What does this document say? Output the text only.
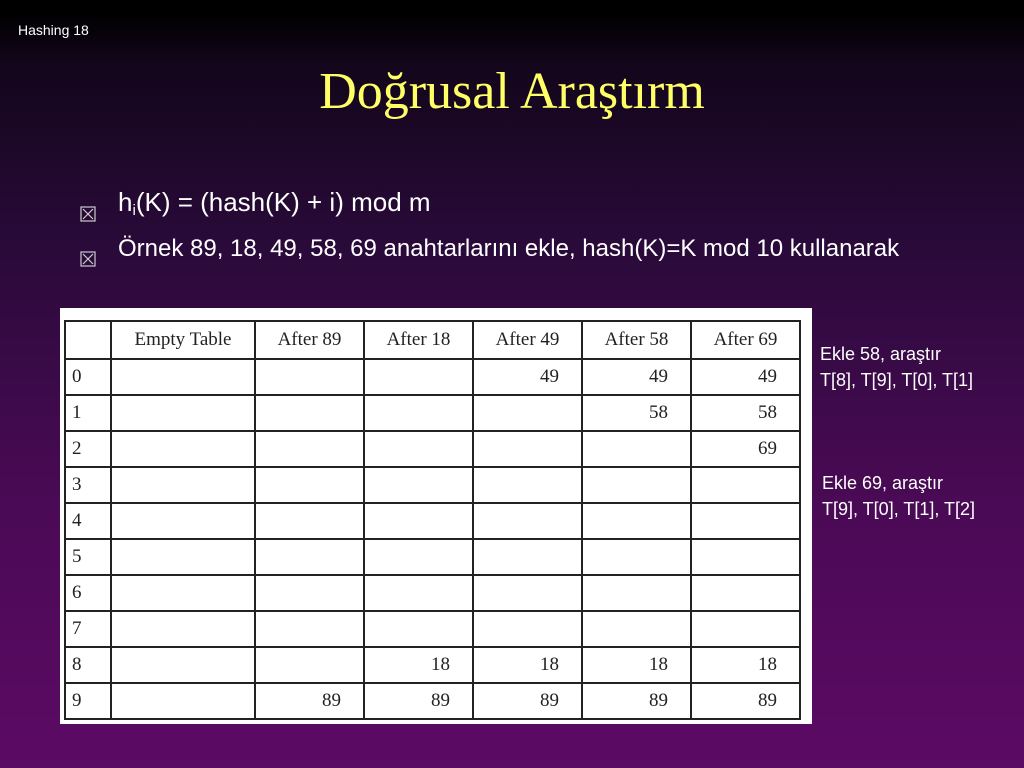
Hashing 18
Doğrusal Araştırm
$h_i(K)$ = (hash(K) + i) mod m
Örnek 89, 18, 49, 58, 69 anahtarlarını ekle, hash(K)=K mod 10 kullanarak
	Empty Table	After 89	After 18	After 49	After 58	After 69
0				49	49	49
1					58	58
2						69
3						
4						
5						
6						
7						
8			18	18	18	18
9		89	89	89	89	89
Ekle 58, araştır
T[8], T[9], T[0], T[1]
Ekle 69, araştır
T[9], T[0], T[1], T[2]
